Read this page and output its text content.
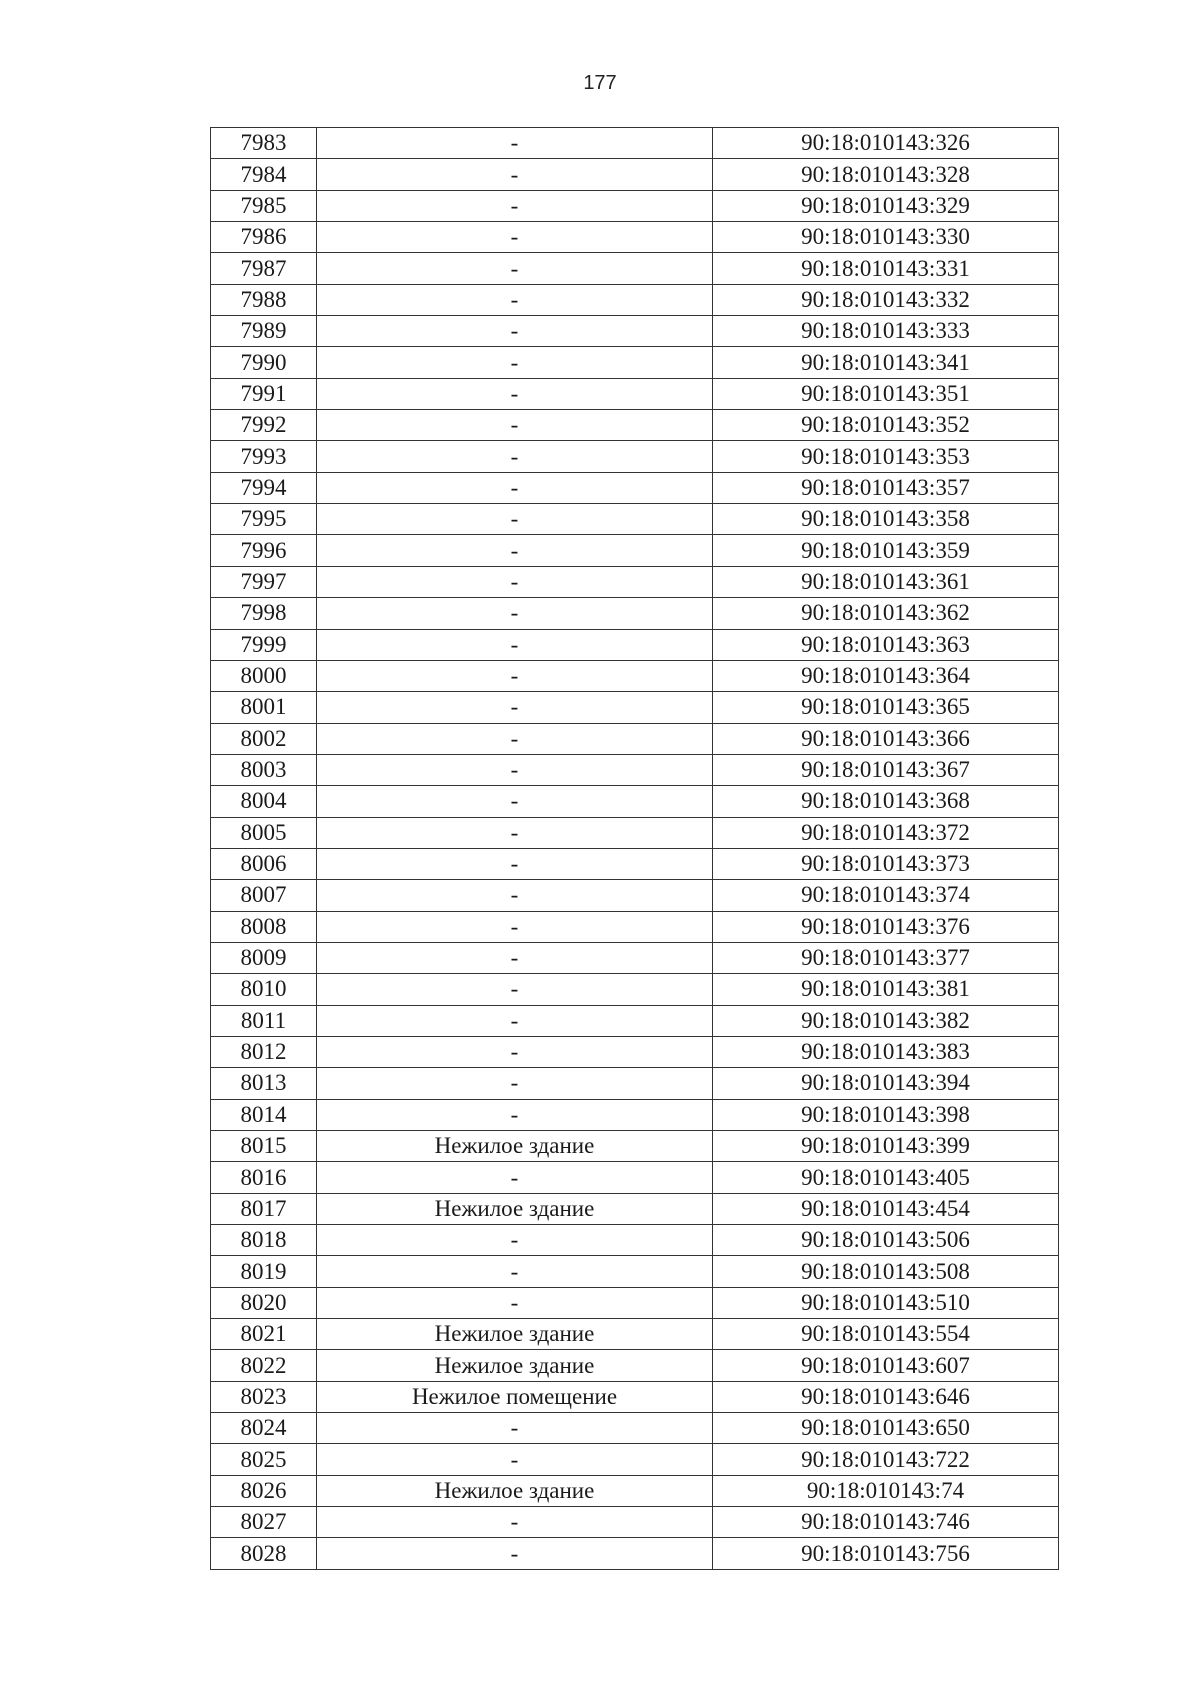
177
7983	-	90:18:010143:326
7984	-	90:18:010143:328
7985	-	90:18:010143:329
7986	-	90:18:010143:330
7987	-	90:18:010143:331
7988	-	90:18:010143:332
7989	-	90:18:010143:333
7990	-	90:18:010143:341
7991	-	90:18:010143:351
7992	-	90:18:010143:352
7993	-	90:18:010143:353
7994	-	90:18:010143:357
7995	-	90:18:010143:358
7996	-	90:18:010143:359
7997	-	90:18:010143:361
7998	-	90:18:010143:362
7999	-	90:18:010143:363
8000	-	90:18:010143:364
8001	-	90:18:010143:365
8002	-	90:18:010143:366
8003	-	90:18:010143:367
8004	-	90:18:010143:368
8005	-	90:18:010143:372
8006	-	90:18:010143:373
8007	-	90:18:010143:374
8008	-	90:18:010143:376
8009	-	90:18:010143:377
8010	-	90:18:010143:381
8011	-	90:18:010143:382
8012	-	90:18:010143:383
8013	-	90:18:010143:394
8014	-	90:18:010143:398
8015	Нежилое здание	90:18:010143:399
8016	-	90:18:010143:405
8017	Нежилое здание	90:18:010143:454
8018	-	90:18:010143:506
8019	-	90:18:010143:508
8020	-	90:18:010143:510
8021	Нежилое здание	90:18:010143:554
8022	Нежилое здание	90:18:010143:607
8023	Нежилое помещение	90:18:010143:646
8024	-	90:18:010143:650
8025	-	90:18:010143:722
8026	Нежилое здание	90:18:010143:74
8027	-	90:18:010143:746
8028	-	90:18:010143:756
